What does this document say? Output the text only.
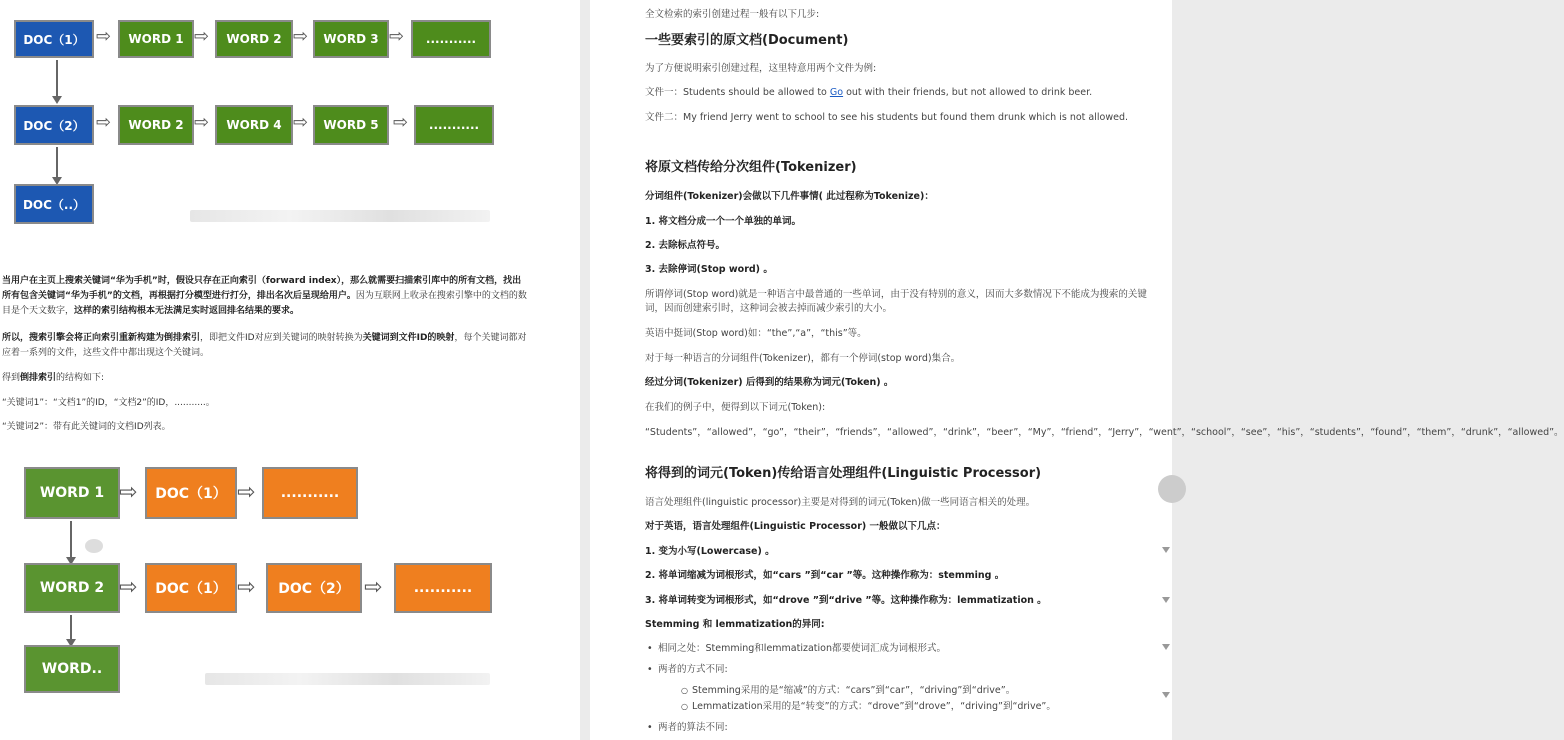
DOC（1） ⇨	WORD 1 ⇨	WORD 2 ⇨	WORD 3 ⇨	...........
DOC（2） ⇨	WORD 2 ⇨	WORD 4 ⇨	WORD 5 ⇨	...........
DOC（..）
当用户在主页上搜索关键词“华为手机”时，假设只存在正向索引（forward index），那么就需要扫描索引库中的所有文档，找出所有包含关键词“华为手机”的文档，再根据打分模型进行打分，排出名次后呈现给用户。因为互联网上收录在搜索引擎中的文档的数目是个天文数字，这样的索引结构根本无法满足实时返回排名结果的要求。
所以，搜索引擎会将正向索引重新构建为倒排索引，即把文件ID对应到关键词的映射转换为关键词到文件ID的映射，每个关键词都对应着一系列的文件，这些文件中都出现这个关键词。
得到倒排索引的结构如下:
“关键词1”：“文档1”的ID，“文档2”的ID，...........。
“关键词2”：带有此关键词的文档ID列表。
WORD 1 ⇨	DOC（1） ⇨	...........
WORD 2 ⇨	DOC（1） ⇨	DOC（2） ⇨	...........
WORD..
全文检索的索引创建过程一般有以下几步:
一些要索引的原文档(Document)
为了方便说明索引创建过程，这里特意用两个文件为例:
文件一：Students should be allowed to Go out with their friends, but not allowed to drink beer.
文件二：My friend Jerry went to school to see his students but found them drunk which is not allowed.
将原文档传给分次组件(Tokenizer)
分词组件(Tokenizer)会做以下几件事情( 此过程称为Tokenize)：
1. 将文档分成一个一个单独的单词。
2. 去除标点符号。
3. 去除停词(Stop word) 。
所谓停词(Stop word)就是一种语言中最普通的一些单词，由于没有特别的意义，因而大多数情况下不能成为搜索的关键词，因而创建索引时，这种词会被去掉而减少索引的大小。
英语中挺词(Stop word)如：“the”,“a”，“this”等。
对于每一种语言的分词组件(Tokenizer)，都有一个停词(stop word)集合。
经过分词(Tokenizer) 后得到的结果称为词元(Token) 。
在我们的例子中，便得到以下词元(Token):
“Students”，“allowed”，“go”，“their”，“friends”，“allowed”，“drink”，“beer”，“My”，“friend”，“Jerry”，“went”，“school”，“see”，“his”，“students”，“found”，“them”，“drunk”，“allowed”。
将得到的词元(Token)传给语言处理组件(Linguistic Processor)
语言处理组件(linguistic processor)主要是对得到的词元(Token)做一些同语言相关的处理。
对于英语，语言处理组件(Linguistic Processor) 一般做以下几点：
1. 变为小写(Lowercase) 。
2. 将单词缩减为词根形式，如“cars ”到“car ”等。这种操作称为：stemming 。
3. 将单词转变为词根形式，如“drove ”到“drive ”等。这种操作称为：lemmatization 。
Stemming 和 lemmatization的异同:
• 相同之处：Stemming和lemmatization都要使词汇成为词根形式。
• 两者的方式不同:
○ Stemming采用的是“缩减”的方式：“cars”到“car”，“driving”到“drive”。
○ Lemmatization采用的是“转变”的方式：“drove”到“drove”，“driving”到“drive”。
• 两者的算法不同:
